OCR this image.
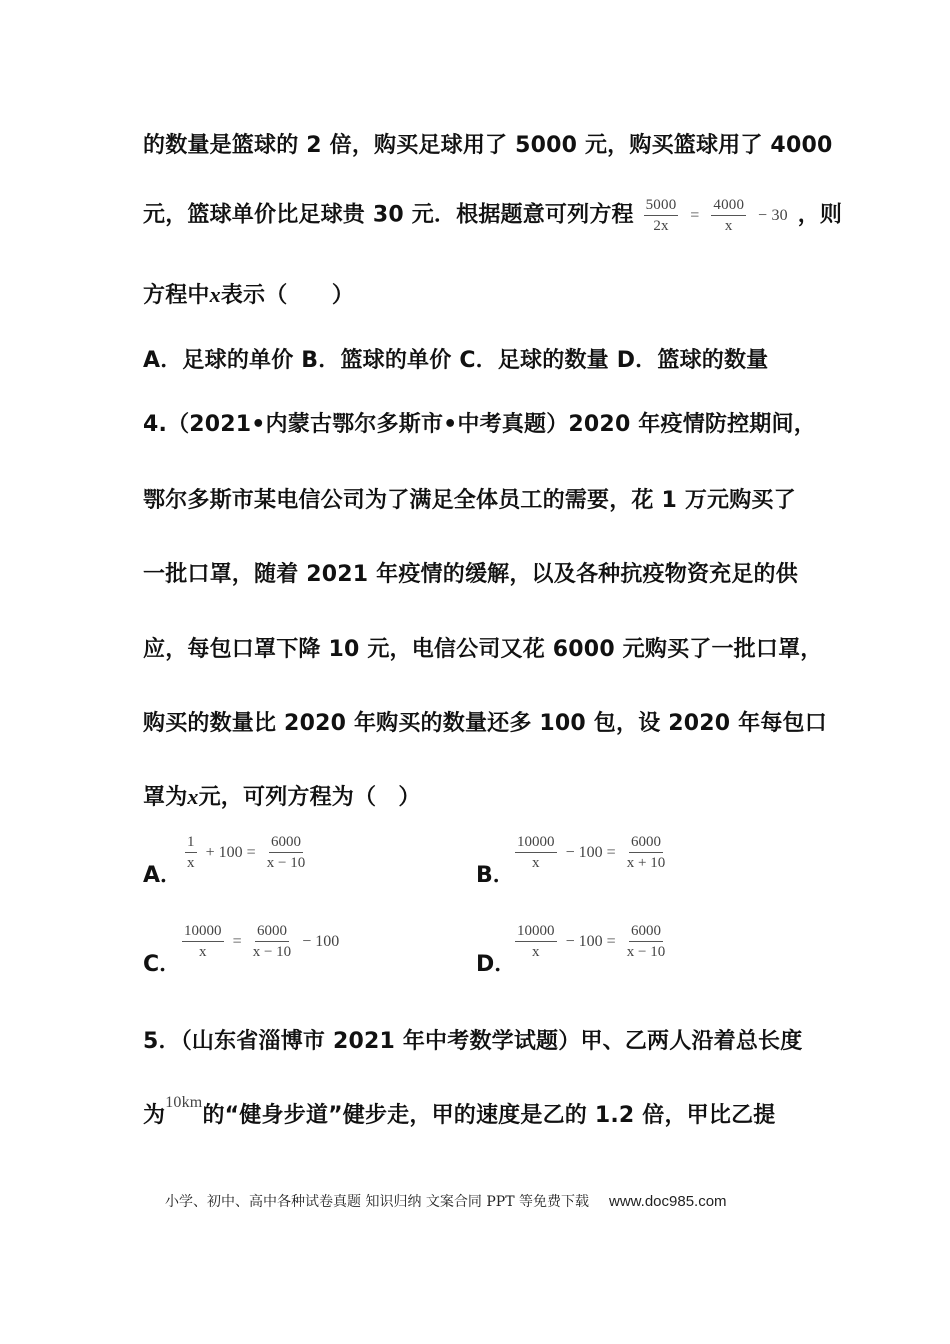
的数量是篮球的 2 倍，购买足球用了 5000 元，购买篮球用了 4000
元，篮球单价比足球贵 30 元．根据题意可列方程 $\frac{5000}{2x} = \frac{4000}{x} - 30$ ，则
方程中x表示（　　）
A．足球的单价 B．篮球的单价 C．足球的数量 D．篮球的数量
4.（2021•内蒙古鄂尔多斯市•中考真题）2020 年疫情防控期间，
鄂尔多斯市某电信公司为了满足全体员工的需要，花 1 万元购买了
一批口罩，随着 2021 年疫情的缓解，以及各种抗疫物资充足的供
应，每包口罩下降 10 元，电信公司又花 6000 元购买了一批口罩，
购买的数量比 2020 年购买的数量还多 100 包，设 2020 年每包口
罩为x元，可列方程为（　）
A．
$\frac{1}{x} + 100 = \frac{6000}{x - 10}$
B．
$\frac{10000}{x} - 100 = \frac{6000}{x + 10}$
C．
$\frac{10000}{x} = \frac{6000}{x - 10} - 100$
D．
$\frac{10000}{x} - 100 = \frac{6000}{x - 10}$
5．（山东省淄博市 2021 年中考数学试题）甲、乙两人沿着总长度
为$^{10km}$的“健身步道”健步走，甲的速度是乙的 1.2 倍，甲比乙提
小学、初中、高中各种试卷真题 知识归纳 文案合同 PPT 等免费下载 www.doc985.com
